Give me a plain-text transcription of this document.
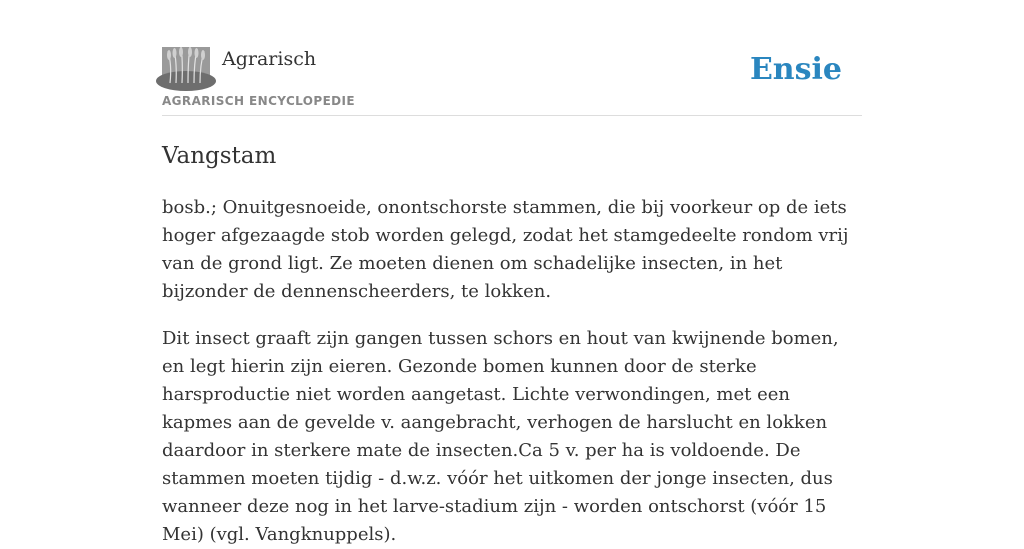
Agrarisch
AGRARISCH ENCYCLOPEDIE
Ensie
Vangstam

bosb.; Onuitgesnoeide, onontschorste stammen, die bij voorkeur op de iets hoger afgezaagde stob worden gelegd, zodat het stamgedeelte rondom vrij van de grond ligt. Ze moeten dienen om schadelijke insecten, in het bijzonder de dennenscheerders, te lokken.

Dit insect graaft zijn gangen tussen schors en hout van kwijnende bomen, en legt hierin zijn eieren. Gezonde bomen kunnen door de sterke harsproductie niet worden aangetast. Lichte verwondingen, met een kapmes aan de gevelde v. aangebracht, verhogen de harslucht en lokken daardoor in sterkere mate de insecten.Ca 5 v. per ha is voldoende. De stammen moeten tijdig - d.w.z. vóór het uitkomen der jonge insecten, dus wanneer deze nog in het larve-stadium zijn - worden ontschorst (vóór 15 Mei) (vgl. Vangknuppels).
